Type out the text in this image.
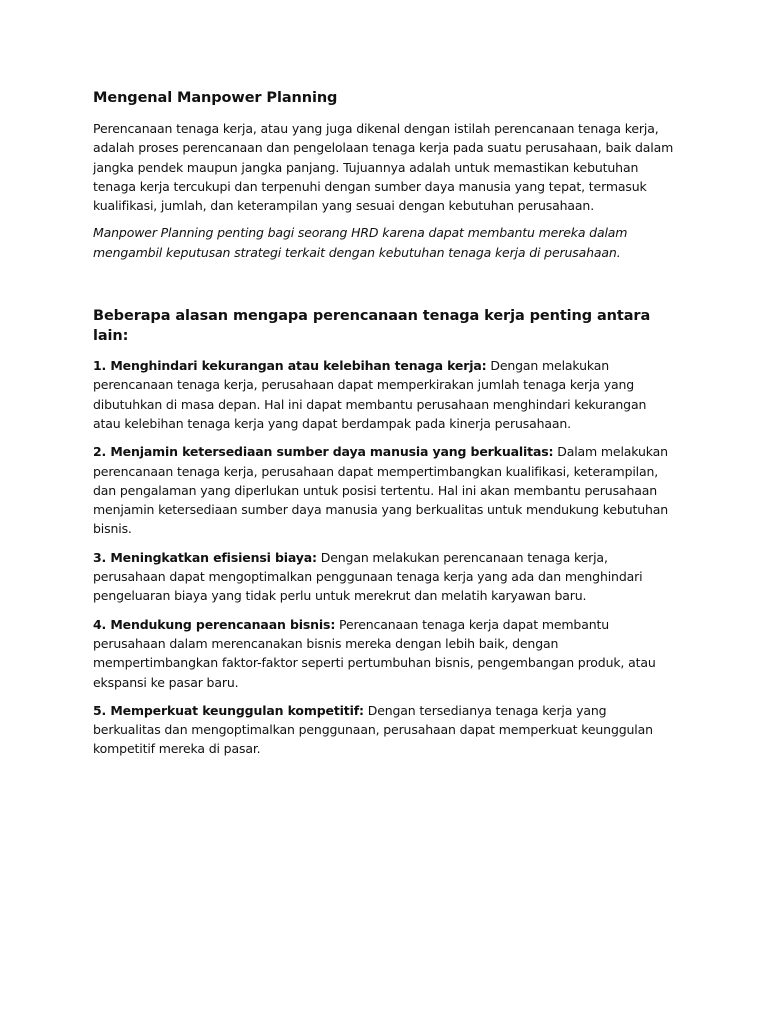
Mengenal Manpower Planning

Perencanaan tenaga kerja, atau yang juga dikenal dengan istilah perencanaan tenaga kerja, adalah proses perencanaan dan pengelolaan tenaga kerja pada suatu perusahaan, baik dalam jangka pendek maupun jangka panjang. Tujuannya adalah untuk memastikan kebutuhan tenaga kerja tercukupi dan terpenuhi dengan sumber daya manusia yang tepat, termasuk kualifikasi, jumlah, dan keterampilan yang sesuai dengan kebutuhan perusahaan.

Manpower Planning penting bagi seorang HRD karena dapat membantu mereka dalam mengambil keputusan strategi terkait dengan kebutuhan tenaga kerja di perusahaan.

Beberapa alasan mengapa perencanaan tenaga kerja penting antara lain:

1. Menghindari kekurangan atau kelebihan tenaga kerja: Dengan melakukan perencanaan tenaga kerja, perusahaan dapat memperkirakan jumlah tenaga kerja yang dibutuhkan di masa depan. Hal ini dapat membantu perusahaan menghindari kekurangan atau kelebihan tenaga kerja yang dapat berdampak pada kinerja perusahaan.

2. Menjamin ketersediaan sumber daya manusia yang berkualitas: Dalam melakukan perencanaan tenaga kerja, perusahaan dapat mempertimbangkan kualifikasi, keterampilan, dan pengalaman yang diperlukan untuk posisi tertentu. Hal ini akan membantu perusahaan menjamin ketersediaan sumber daya manusia yang berkualitas untuk mendukung kebutuhan bisnis.

3. Meningkatkan efisiensi biaya: Dengan melakukan perencanaan tenaga kerja, perusahaan dapat mengoptimalkan penggunaan tenaga kerja yang ada dan menghindari pengeluaran biaya yang tidak perlu untuk merekrut dan melatih karyawan baru.

4. Mendukung perencanaan bisnis: Perencanaan tenaga kerja dapat membantu perusahaan dalam merencanakan bisnis mereka dengan lebih baik, dengan mempertimbangkan faktor-faktor seperti pertumbuhan bisnis, pengembangan produk, atau ekspansi ke pasar baru.

5. Memperkuat keunggulan kompetitif: Dengan tersedianya tenaga kerja yang berkualitas dan mengoptimalkan penggunaan, perusahaan dapat memperkuat keunggulan kompetitif mereka di pasar.
